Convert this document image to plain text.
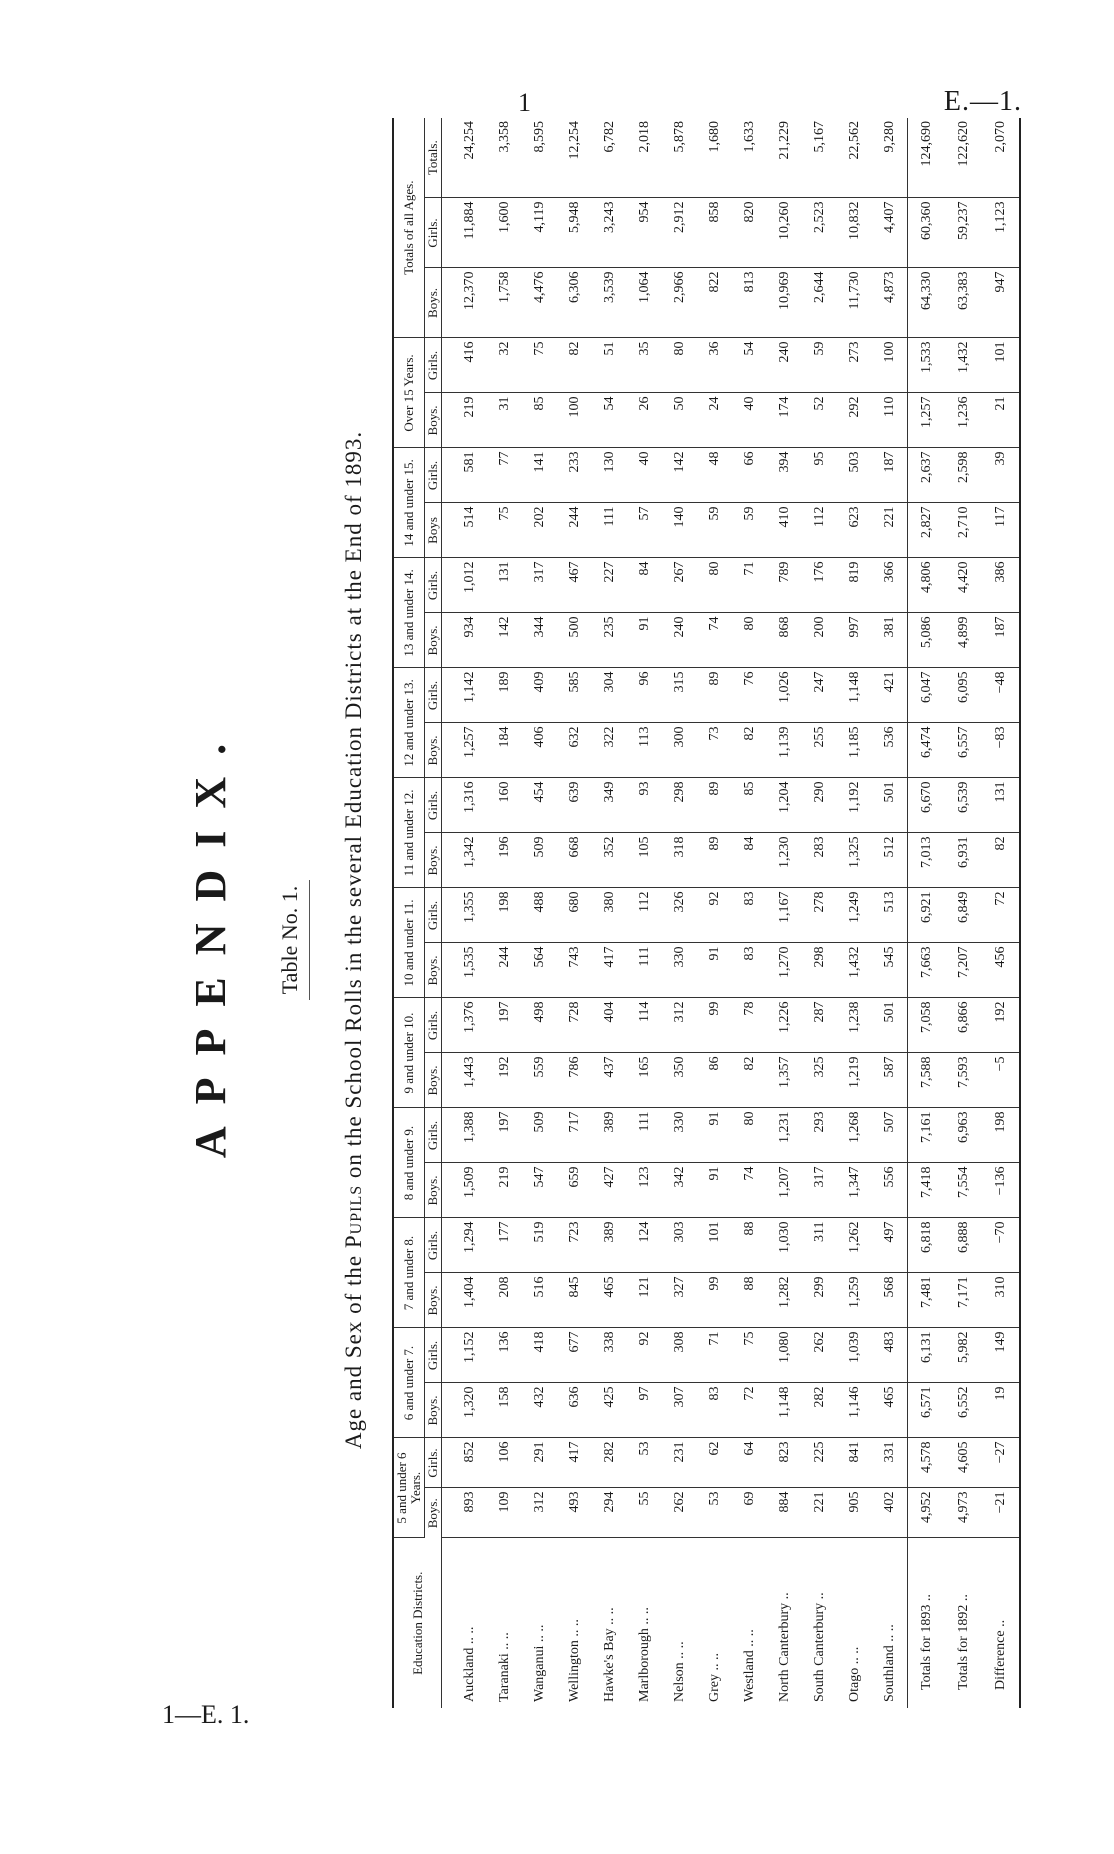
1	E.—1.
1—E. 1.
APPENDIX. Table No. 1.
Age and Sex of the Pupils on the School Rolls in the several Education Districts at the End of 1893.
Education Districts.	5 and under 6 Years.		6 and under 7.		7 and under 8.		8 and under 9.		9 and under 10.		10 and under 11.		11 and under 12.		12 and under 13.		13 and under 14.		14 and under 15.		Over 15 Years.		Totals of all Ages.		
	Boys.	Girls.	Boys.	Girls.	Boys.	Girls.	Boys.	Girls.	Boys.	Girls.	Boys.	Girls.	Boys.	Girls.	Boys.	Girls.	Boys.	Girls.	Boys	Girls.	Boys.	Girls.	Boys.	Girls.	Totals.
Auckland .. ..	893	852	1,320	1,152	1,404	1,294	1,509	1,388	1,443	1,376	1,535	1,355	1,342	1,316	1,257	1,142	934	1,012	514	581	219	416	12,370	11,884	24,254
Taranaki .. ..	109	106	158	136	208	177	219	197	192	197	244	198	196	160	184	189	142	131	75	77	31	32	1,758	1,600	3,358
Wanganui .. ..	312	291	432	418	516	519	547	509	559	498	564	488	509	454	406	409	344	317	202	141	85	75	4,476	4,119	8,595
Wellington .. ..	493	417	636	677	845	723	659	717	786	728	743	680	668	639	632	585	500	467	244	233	100	82	6,306	5,948	12,254
Hawke's Bay .. ..	294	282	425	338	465	389	427	389	437	404	417	380	352	349	322	304	235	227	111	130	54	51	3,539	3,243	6,782
Marlborough .. ..	55	53	97	92	121	124	123	111	165	114	111	112	105	93	113	96	91	84	57	40	26	35	1,064	954	2,018
Nelson .. ..	262	231	307	308	327	303	342	330	350	312	330	326	318	298	300	315	240	267	140	142	50	80	2,966	2,912	5,878
Grey .. ..	53	62	83	71	99	101	91	91	86	99	91	92	89	89	73	89	74	80	59	48	24	36	822	858	1,680
Westland .. ..	69	64	72	75	88	88	74	80	82	78	83	83	84	85	82	76	80	71	59	66	40	54	813	820	1,633
North Canterbury ..	884	823	1,148	1,080	1,282	1,030	1,207	1,231	1,357	1,226	1,270	1,167	1,230	1,204	1,139	1,026	868	789	410	394	174	240	10,969	10,260	21,229
South Canterbury ..	221	225	282	262	299	311	317	293	325	287	298	278	283	290	255	247	200	176	112	95	52	59	2,644	2,523	5,167
Otago .. ..	905	841	1,146	1,039	1,259	1,262	1,347	1,268	1,219	1,238	1,432	1,249	1,325	1,192	1,185	1,148	997	819	623	503	292	273	11,730	10,832	22,562
Southland .. ..	402	331	465	483	568	497	556	507	587	501	545	513	512	501	536	421	381	366	221	187	110	100	4,873	4,407	9,280
Totals for 1893 ..	4,952	4,578	6,571	6,131	7,481	6,818	7,418	7,161	7,588	7,058	7,663	6,921	7,013	6,670	6,474	6,047	5,086	4,806	2,827	2,637	1,257	1,533	64,330	60,360	124,690
Totals for 1892 ..	4,973	4,605	6,552	5,982	7,171	6,888	7,554	6,963	7,593	6,866	7,207	6,849	6,931	6,539	6,557	6,095	4,899	4,420	2,710	2,598	1,236	1,432	63,383	59,237	122,620
Difference ..	−21	−27	19	149	310	−70	−136	198	−5	192	456	72	82	131	−83	−48	187	386	117	39	21	101	947	1,123	2,070
